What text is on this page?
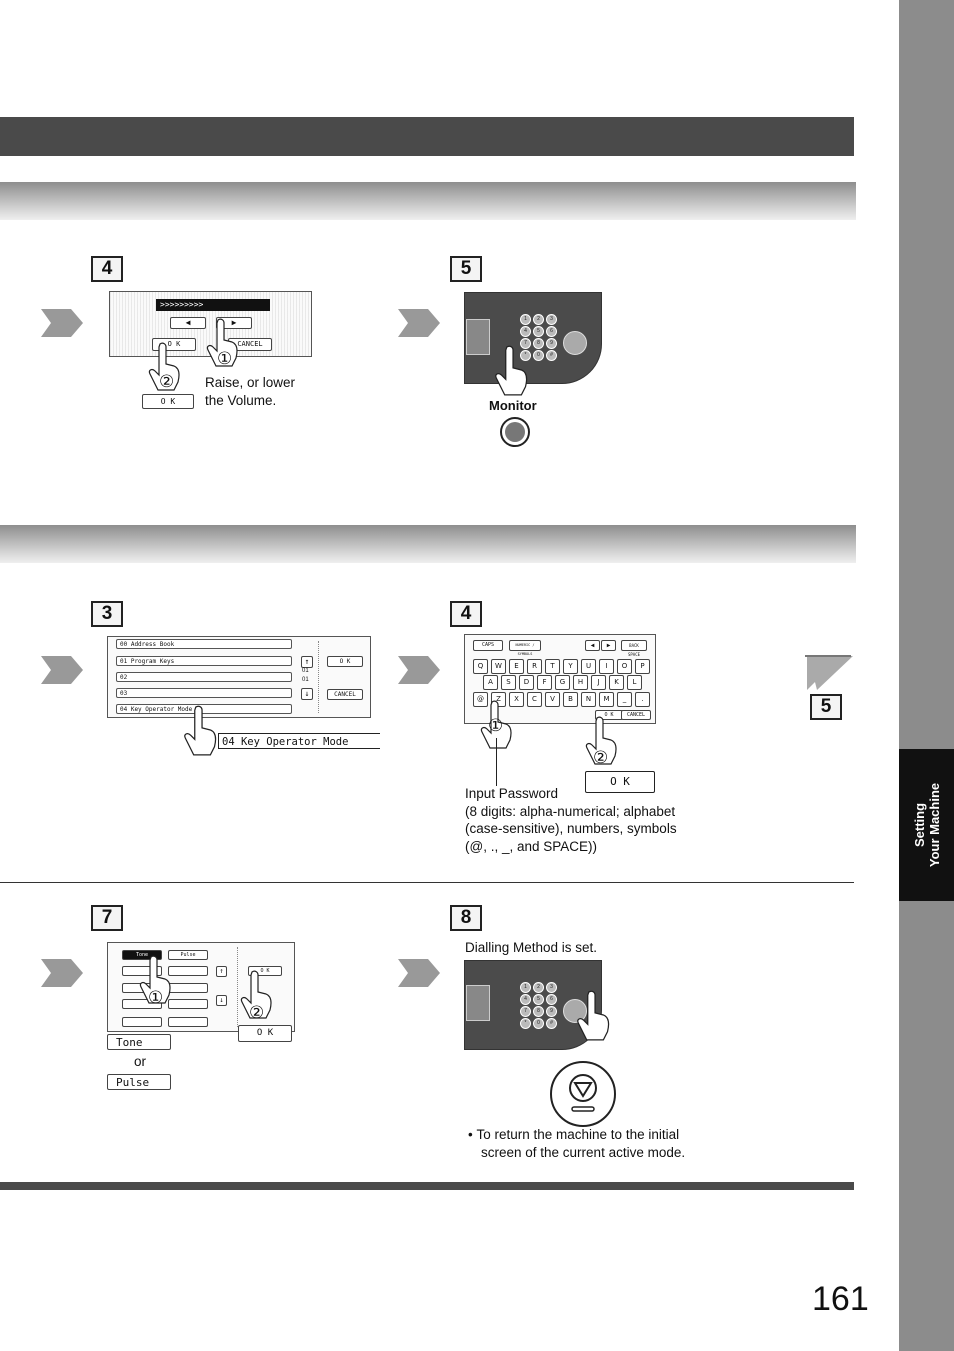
Setting Your Machine
4
>>>>>>>>>
◀	▶
O K	CANCEL
①
②
O K
Raise, or lower
the Volume.
5
1	2	3
4	5	6
7	8	9
*	0	#
Monitor
3
00 Address Book
01 Program Keys
02
03
04 Key Operator Mode
↑
01
01
↓
O K
CANCEL
04 Key Operator Mode
4
CAPS	NUMERIC / SYMBOLS
◀	▶	BACK SPACE
Q	W	E	R	T	Y	U	I	O	P
A	S	D	F	G	H	J	K	L
@	Z	X	C	V	B	N	M	_	.
O K	CANCEL
①
②
O K
Input Password
(8 digits: alpha-numerical; alphabet
(case-sensitive), numbers, symbols
(@, ., _, and SPACE))
5
7
Tone	Pulse
↑
↓
O K
①
②
O K
Tone
or
Pulse
8
Dialling Method is set.
1	2	3
4	5	6
7	8	9
*	0	#
• To return the machine to the initial
screen of the current active mode.
161
